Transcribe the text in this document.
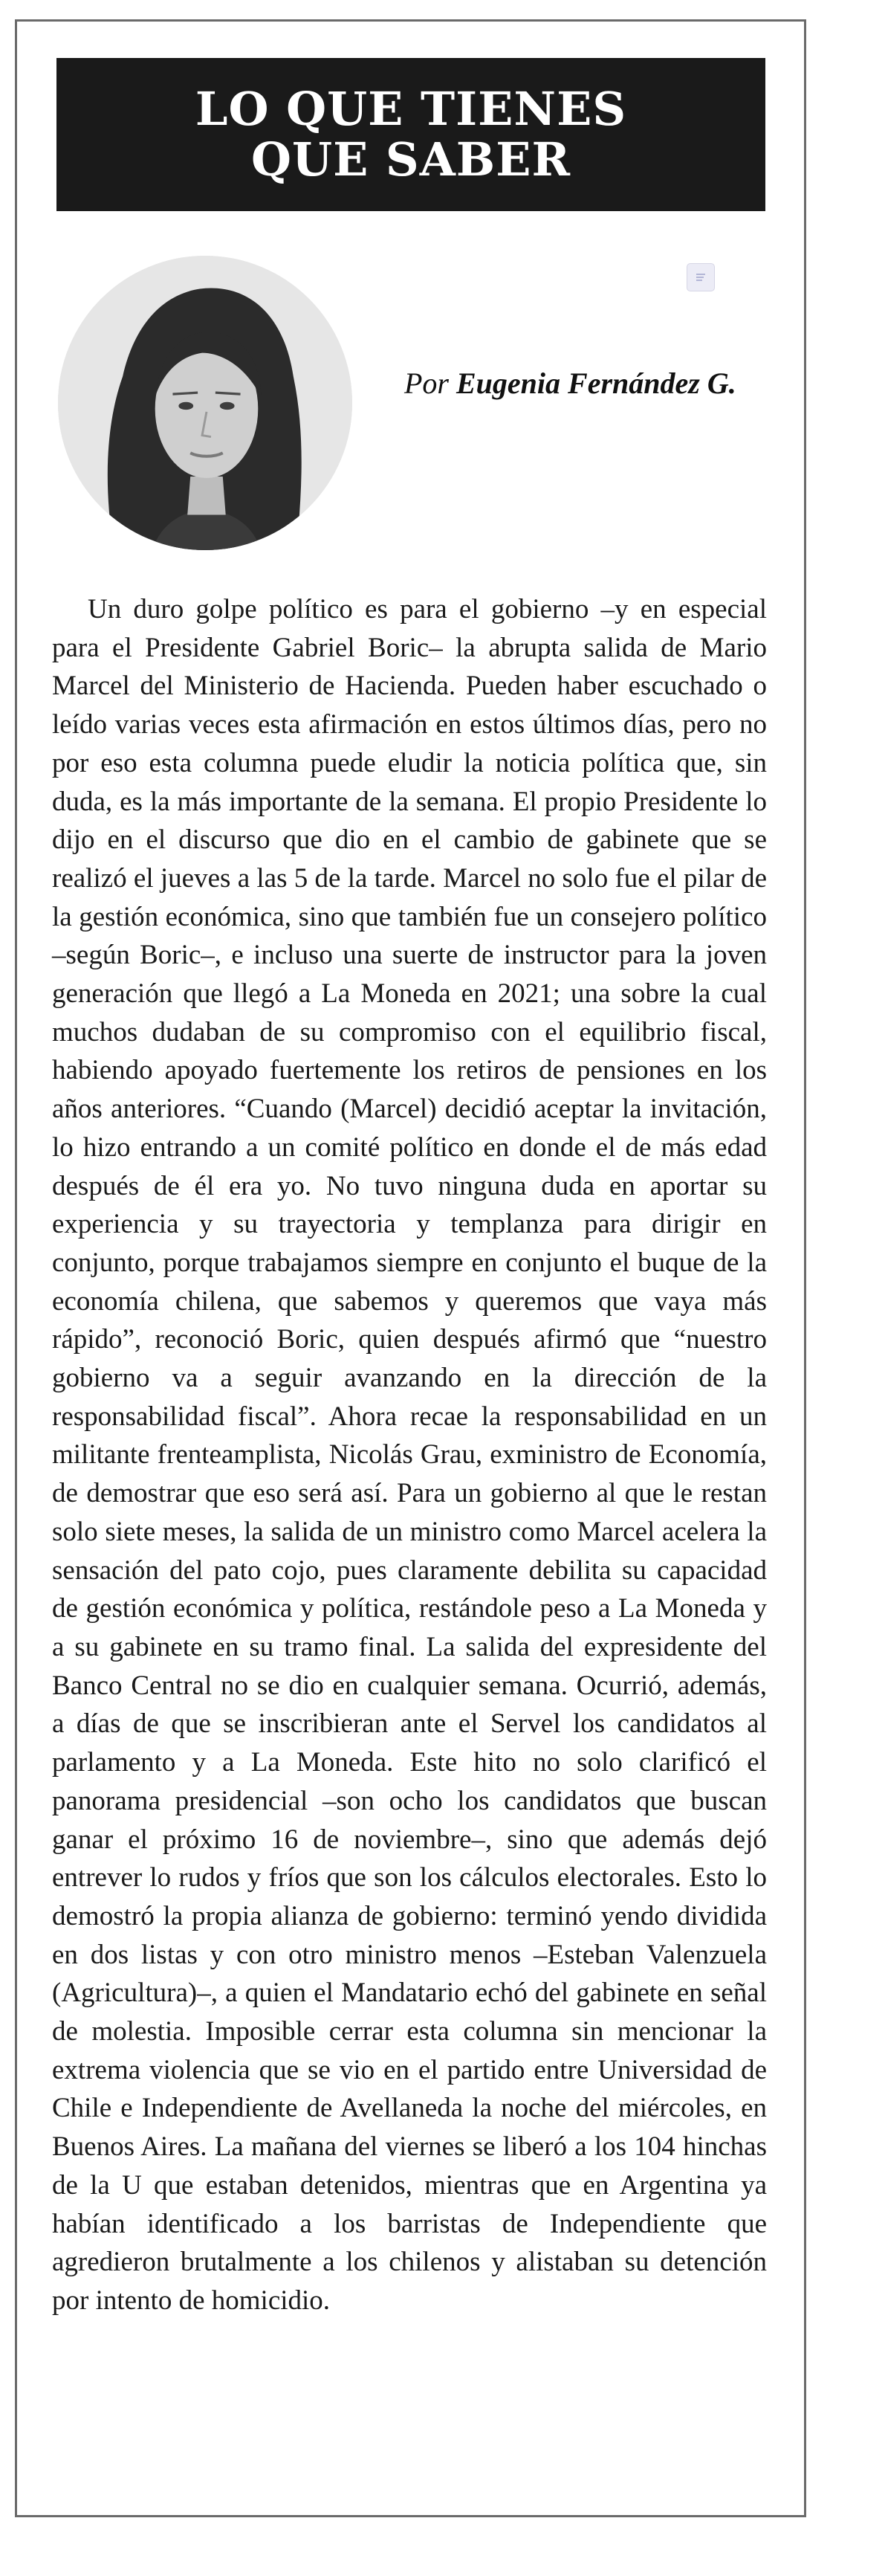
LO QUE TIENES
QUE SABER
Por Eugenia Fernández G.

Un duro golpe político es para el gobierno –y en especial para el Presidente Gabriel Boric– la abrupta salida de Mario Marcel del Ministerio de Hacienda. Pueden haber escuchado o leído varias veces esta afirmación en estos últimos días, pero no por eso esta columna puede eludir la noticia política que, sin duda, es la más importante de la semana. El propio Presidente lo dijo en el discurso que dio en el cambio de gabinete que se realizó el jueves a las 5 de la tarde. Marcel no solo fue el pilar de la gestión económica, sino que también fue un consejero político –según Boric–, e incluso una suerte de instructor para la joven generación que llegó a La Moneda en 2021; una sobre la cual muchos dudaban de su compromiso con el equilibrio fiscal, habiendo apoyado fuertemente los retiros de pensiones en los años anteriores. “Cuando (Marcel) decidió aceptar la invitación, lo hizo entrando a un comité político en donde el de más edad después de él era yo. No tuvo ninguna duda en aportar su experiencia y su trayectoria y templanza para dirigir en conjunto, porque trabajamos siempre en conjunto el buque de la economía chilena, que sabemos y queremos que vaya más rápido”, reconoció Boric, quien después afirmó que “nuestro gobierno va a seguir avanzando en la dirección de la responsabilidad fiscal”. Ahora recae la responsabilidad en un militante frenteamplista, Nicolás Grau, exministro de Economía, de demostrar que eso será así. Para un gobierno al que le restan solo siete meses, la salida de un ministro como Marcel acelera la sensación del pato cojo, pues claramente debilita su capacidad de gestión económica y política, restándole peso a La Moneda y a su gabinete en su tramo final. La salida del expresidente del Banco Central no se dio en cualquier semana. Ocurrió, además, a días de que se inscribieran ante el Servel los candidatos al parlamento y a La Moneda. Este hito no solo clarificó el panorama presidencial –son ocho los candidatos que buscan ganar el próximo 16 de noviembre–, sino que además dejó entrever lo rudos y fríos que son los cálculos electorales. Esto lo demostró la propia alianza de gobierno: terminó yendo dividida en dos listas y con otro ministro menos –Esteban Valenzuela (Agricultura)–, a quien el Mandatario echó del gabinete en señal de molestia. Imposible cerrar esta columna sin mencionar la extrema violencia que se vio en el partido entre Universidad de Chile e Independiente de Avellaneda la noche del miércoles, en Buenos Aires. La mañana del viernes se liberó a los 104 hinchas de la U que estaban detenidos, mientras que en Argentina ya habían identificado a los barristas de Independiente que agredieron brutalmente a los chilenos y alistaban su detención por intento de homicidio.
